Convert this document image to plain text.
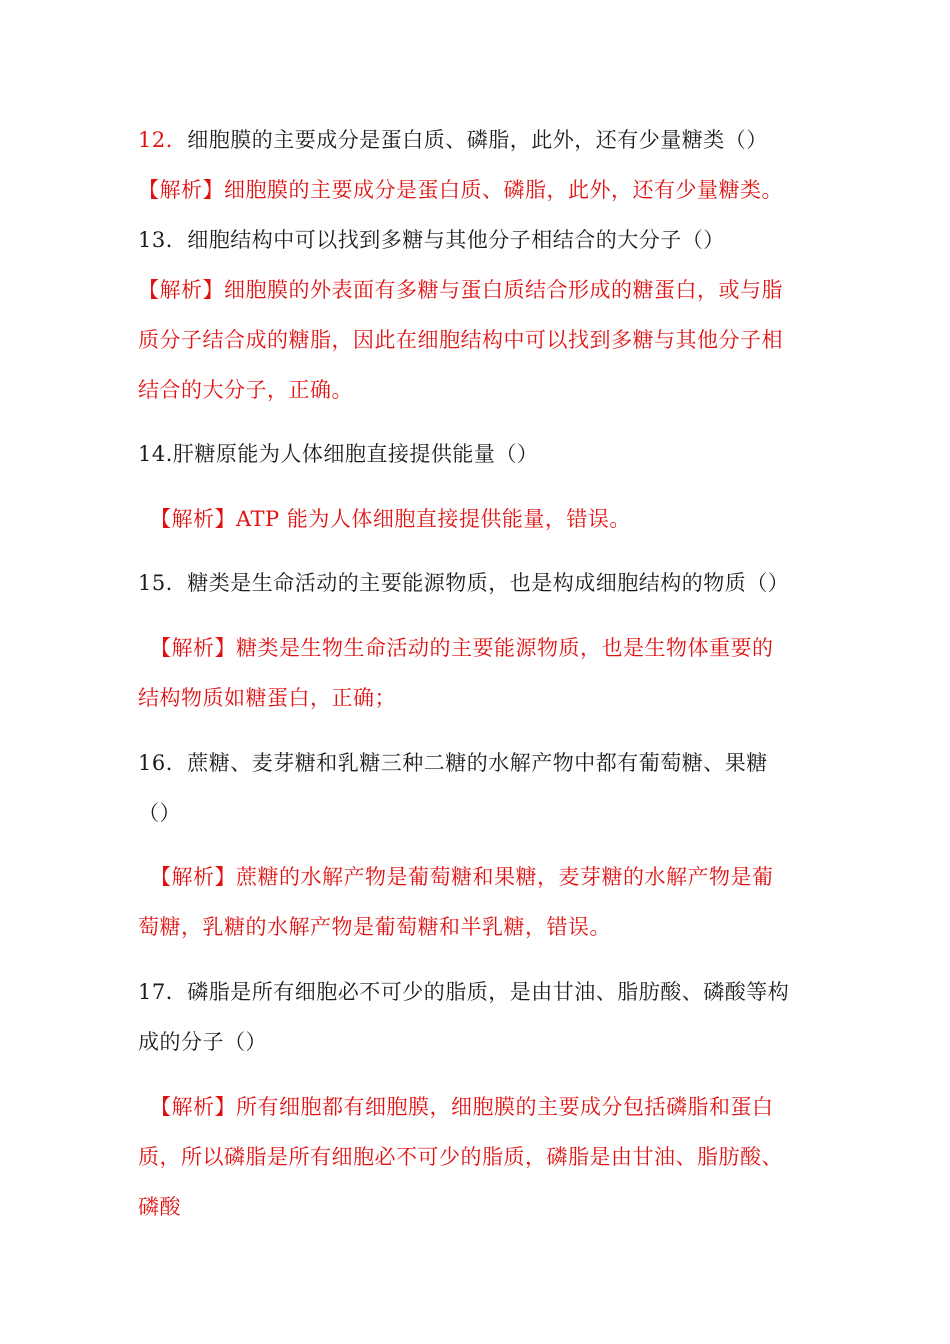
12．细胞膜的主要成分是蛋白质、磷脂，此外，还有少量糖类（）
【解析】细胞膜的主要成分是蛋白质、磷脂，此外，还有少量糖类。
13．细胞结构中可以找到多糖与其他分子相结合的大分子（）
【解析】细胞膜的外表面有多糖与蛋白质结合形成的糖蛋白，或与脂
质分子结合成的糖脂，因此在细胞结构中可以找到多糖与其他分子相
结合的大分子，正确。
14.肝糖原能为人体细胞直接提供能量（）
【解析】ATP 能为人体细胞直接提供能量，错误。
15．糖类是生命活动的主要能源物质，也是构成细胞结构的物质（）
【解析】糖类是生物生命活动的主要能源物质，也是生物体重要的
结构物质如糖蛋白，正确；
16．蔗糖、麦芽糖和乳糖三种二糖的水解产物中都有葡萄糖、果糖
（）
【解析】蔗糖的水解产物是葡萄糖和果糖，麦芽糖的水解产物是葡
萄糖，乳糖的水解产物是葡萄糖和半乳糖，错误。
17．磷脂是所有细胞必不可少的脂质，是由甘油、脂肪酸、磷酸等构
成的分子（）
【解析】所有细胞都有细胞膜，细胞膜的主要成分包括磷脂和蛋白
质，所以磷脂是所有细胞必不可少的脂质，磷脂是由甘油、脂肪酸、
磷酸
